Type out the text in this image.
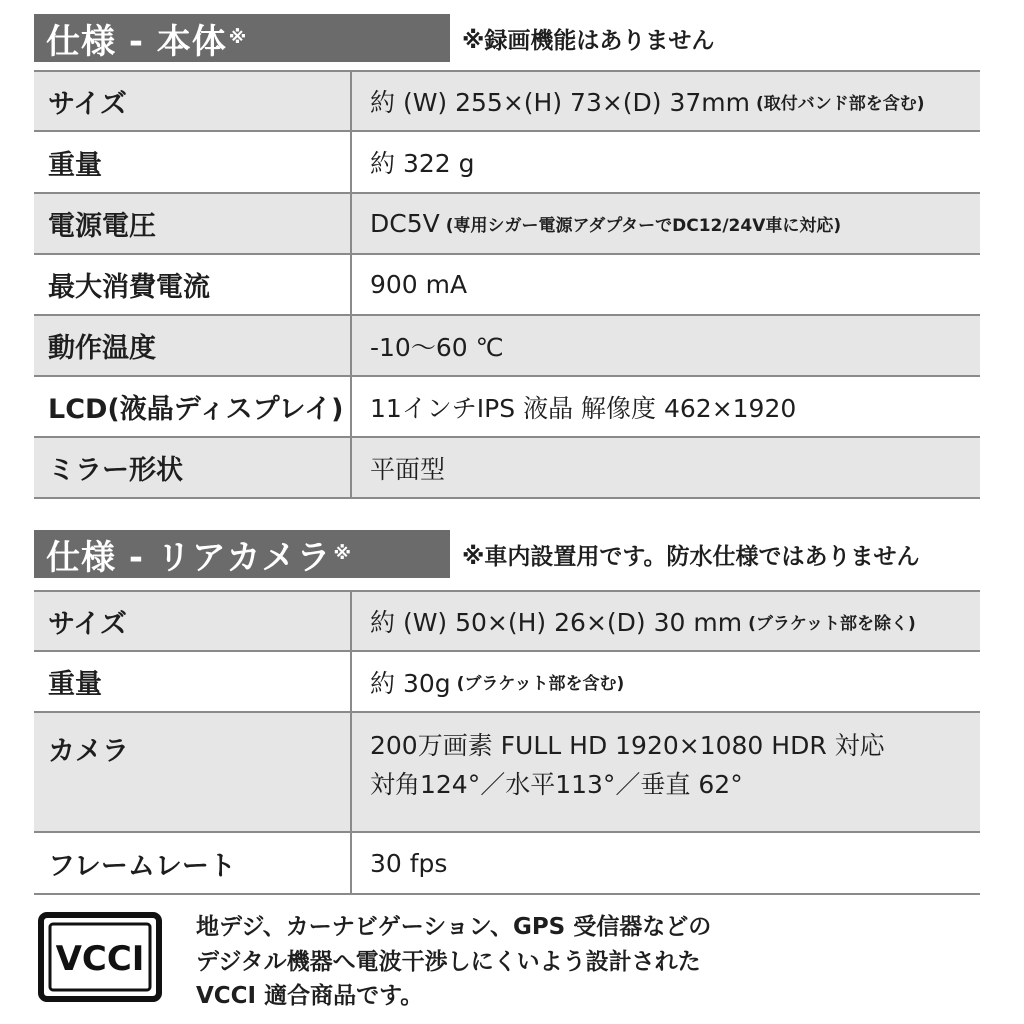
仕様 - 本体 ※	※録画機能はありません
サイズ	約 (W) 255×(H) 73×(D) 37mm (取付バンド部を含む)
重量	約 322 g
電源電圧	DC5V (専用シガー電源アダプターでDC12/24V車に対応)
最大消費電流	900 mA
動作温度	-10〜60 ℃
LCD(液晶ディスプレイ)	11インチIPS 液晶 解像度 462×1920
ミラー形状	平面型
仕様 - リアカメラ ※	※車内設置用です。防水仕様ではありません
サイズ	約 (W) 50×(H) 26×(D) 30 mm (ブラケット部を除く)
重量	約 30g (ブラケット部を含む)
カメラ	200万画素 FULL HD 1920×1080 HDR 対応
対角124°／水平113°／垂直 62°
フレームレート	30 fps
VCCI
地デジ、カーナビゲーション、GPS 受信器などの
デジタル機器へ電波干渉しにくいよう設計された
VCCI 適合商品です。
